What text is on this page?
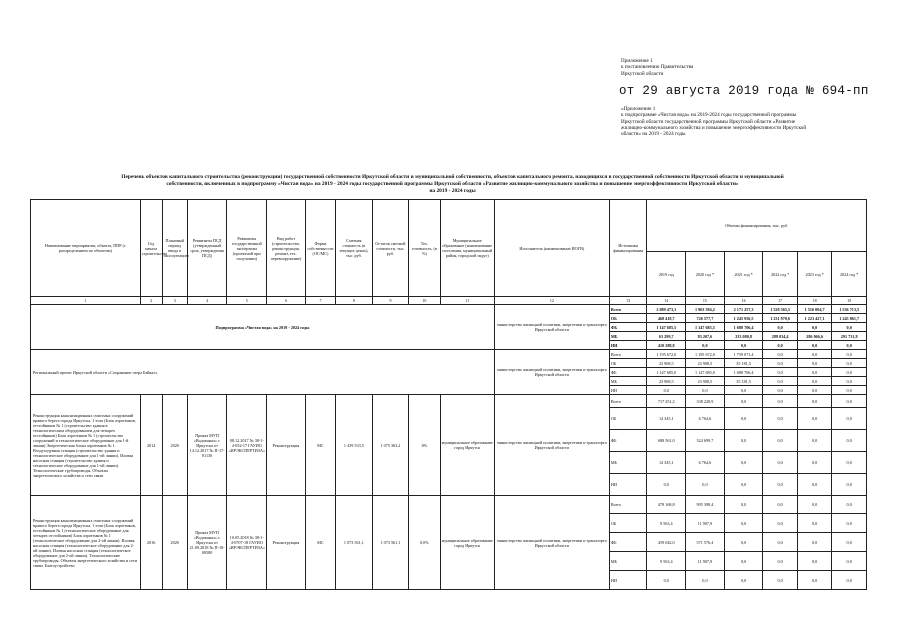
Приложение 1
к постановлению Правительства
Иркутской области
от 29 августа 2019 года № 694-пп
«Приложение 1
к подпрограмме «Чистая вода» на 2019-2024 годы государственной программы
Иркутской области государственной программы Иркутской области «Развитие
жилищно-коммунального хозяйства и повышение энергоэффективности Иркутской
области» на 2019 - 2024 годы
Перечень объектов капитального строительства (реконструкции) государственной собственности Иркутской области и муниципальной собственности, объектов капитального ремонта, находящихся в государственной собственности Иркутской области и муниципальной
собственности, включенных в подпрограмму «Чистая вода» на 2019 - 2024 годы государственной программы Иркутской области «Развитие жилищно-коммунального хозяйства и повышение энергоэффективности Иркутской области»
на 2019 - 2024 годы
Наименование мероприятия, объекта, ППР (с распределением по объектам)	Год начала строительства	Плановый период ввода в эксплуатацию	Реквизиты ПСД (утвержденный срок, утверждения ПСД)	Реквизиты государственной экспертизы (проектной при получении)	Вид работ (строительство, реконструкция, ремонт, тех. перевооружение)	Форма собственности (ОГ/МС)	Сметная стоимость (в текущих ценах), тыс. руб.	Остаток сметной стоимости, тыс. руб.	Тех. готовность, (в %)	Муниципальное образование (наименование поселения, муниципальный район, городской округ)	Исполнитель (наименование ИОГВ)	Источники финансирования	Объемы финансирования, тыс. руб.					
													2019 год	2020 год *	2021 год *	2022 год *	2023 год *	2024 год *
1	2	3	4	5	6	7	8	9	10	11	12	13	14	15	16	17	18	19
Подпрограмма «Чистая вода» на 2019 - 2024 годы											министерство жилищной политики, энергетики и транспорта Иркутской области	Всего	2 089 473,1	1 963 394,2	2 171 257,3	1 528 565,5	1 516 004,7	1 536 713,5
												ОБ	468 418,7	726 577,7	1 245 956,5	1 231 970,6	1 223 427,1	1 245 861,7
												ФБ	1 147 685,5	1 147 685,5	1 688 706,4	0,0	0,0	0,0
												МБ	63 299,7	83 207,6	233 080,8	288 034,4	286 066,6	291 731,8
												ИИ	410 288,8	0,0	0,0	0,0	0,0	0,0
Региональный проект Иркутской области «Сохранение озера Байкал»											министерство жилищной политики, энергетики и транспорта Иркутской области	Всего	1 195 672,0	1 195 672,0	1 759 071,4	0,0	0,0	0,0
												ОБ	23 908,5	23 908,5	35 181,5	0,0	0,0	0,0
												ФБ	1 147 685,0	1 147 685,0	1 688 706,4	0,0	0,0	0,0
												МБ	23 908,5	23 908,5	35 181,5	0,0	0,0	0,0
												ИИ	0,0	0,0	0,0	0,0	0,0	0,0
Реконструкция канализационных очистных сооружений правого берега города Иркутска. 1 этап (Блок аэротенков, отстойников № 1 (строительство здания в технологическим оборудованием для четырех отстойников) Блок аэротенков № 1 (строительство сооружений и технологическое оборудование для 1-й линии) Энергетическая блока аэротенков № 1. Воздуходувная станция (строительство здания и технологическое оборудование для 1-ой линии). Иловая насосная станция (строительство здания и технологическое оборудование для 1-ой линии). Технологические трубопроводы. Объекты энергетического хозяйства и сети связи	2014	2020	Приказ МУП «Водоканал» г. Иркутска от 14.12.2017 № П-17-01130	08.12.2017 № 38-1-4-052-17 ГАУИО «ИРЭКСПЕРТИЗА»	Реконструкция	МС	1 439 533,5	1 075 363,2	8%	муниципальное образование город Иркутск	министерство жилищной политики, энергетики и транспорта Иркутской области	Всего	717 251,2	338 228,9	0,0	0,0	0,0	0,0
												ОБ	14 345,1	6 764,6	0,0	0,0	0,0	0,0
												ФБ	688 561,0	324 699,7	0,0	0,0	0,0	0,0
												МБ	14 345,1	6 764,6	0,0	0,0	0,0	0,0
												ИИ	0,0	0,0	0,0	0,0	0,0	0,0
Реконструкция канализационных очистных сооружений правого берега города Иркутска. 1 этап (Блок аэротенков, отстойников № 1 (технологическое оборудование для четырех отстойников) Блок аэротенков № 1 (технологическое оборудование для 2-ой линии). Иловая насосная станция (технологическое оборудование для 2-ой линии). Иловая насосная станция (технологическое оборудование для 2-ой линии). Технологические трубопроводы. Объекты энергетического хозяйства и сети связи. Благоустройство	2016	2020	Приказ МУП «Водоканал» г. Иркутска от 21.09.2018 № П-18-00580	10.05.2018 № 38-1-4-0707-18 ГАУИО «ИРЭКСПЕРТИЗА»	Реконструкция	МС	1 073 561,1	1 073 561,1	0,0%	муниципальное образование город Иркутск	министерство жилищной политики, энергетики и транспорта Иркутской области	Всего	478 168,8	995 398,4	0,0	0,0	0,0	0,0
												ОБ	9 563,4	11 907,9	0,0	0,0	0,0	0,0
												ФБ	459 042,0	571 576,4	0,0	0,0	0,0	0,0
												МБ	9 563,4	11 907,9	0,0	0,0	0,0	0,0
												ИИ	0,0	0,0	0,0	0,0	0,0	0,0
